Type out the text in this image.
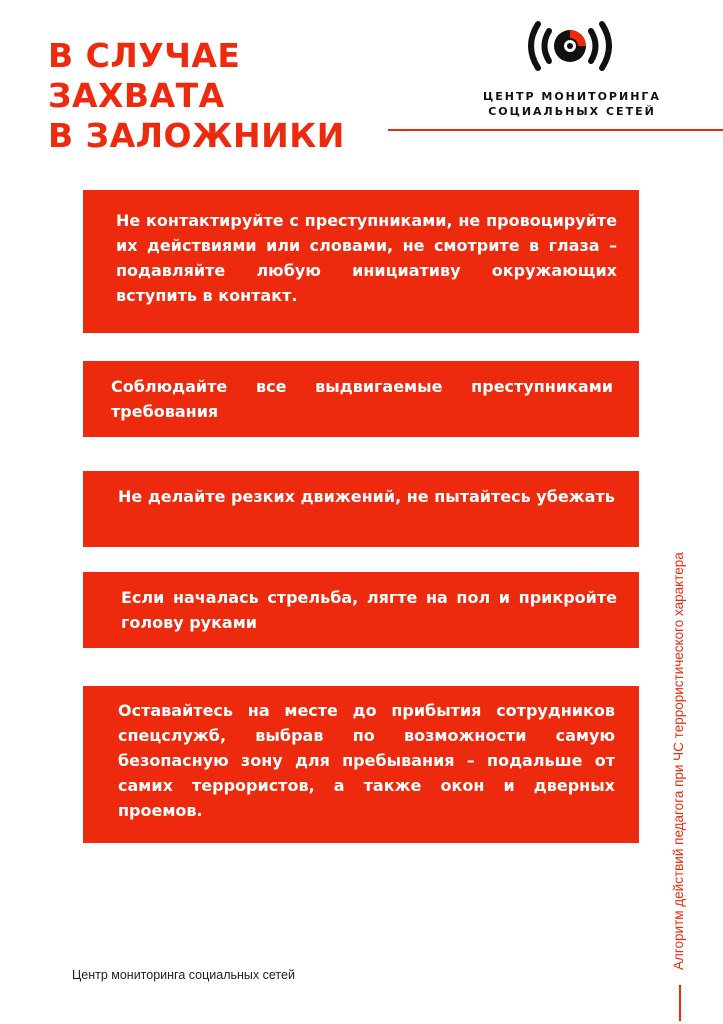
В СЛУЧАЕ
ЗАХВАТА
В ЗАЛОЖНИКИ
ЦЕНТР МОНИТОРИНГА
СОЦИАЛЬНЫХ СЕТЕЙ

Не контактируйте с преступниками, не провоцируйте их действиями или словами, не смотрите в глаза – подавляйте любую инициативу окружающих вступить в контакт.

Соблюдайте все выдвигаемые преступниками требования

Не делайте резких движений, не пытайтесь убежать

Если началась стрельба, лягте на пол и прикройте голову руками

Оставайтесь на месте до прибытия сотрудников спецслужб, выбрав по возможности самую безопасную зону для пребывания – подальше от самих террористов, а также окон и дверных проемов.	Алгоритм действий педагога при ЧС террористического характера
Центр мониторинга социальных сетей
